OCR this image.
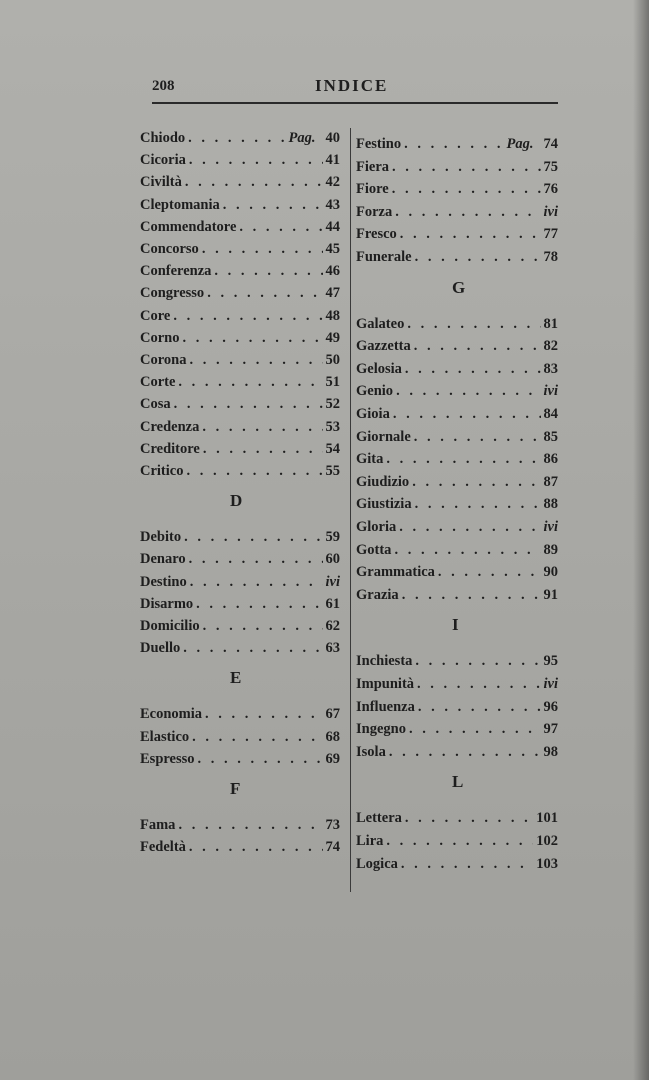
208	INDICE
Chiodo . . .	Pag. 40
Cicoria . . .	41
Civiltà . . .	42
Cleptomania . . .	43
Commendatore . . .	44
Concorso . . .	45
Conferenza . . .	46
Congresso . . .	47
Core . . .	48
Corno . . .	49
Corona . . .	50
Corte . . .	51
Cosa . . .	52
Credenza . . .	53
Creditore . . .	54
Critico . . .	55
D
Debito . . .	59
Denaro . . .	60
Destino . . .	ivi
Disarmo . . .	61
Domicilio . . .	62
Duello . . .	63
E
Economia . . .	67
Elastico . . .	68
Espresso . . .	69
F
Fama . . .	73
Fedeltà . . .	74
Festino . . .	Pag. 74
Fiera . . .	75
Fiore . . .	76
Forza . . .	ivi
Fresco . . .	77
Funerale . . .	78
G
Galateo . . .	81
Gazzetta . . .	82
Gelosia . . .	83
Genio . . .	ivi
Gioia . . .	84
Giornale . . .	85
Gita . . .	86
Giudizio . . .	87
Giustizia . . .	88
Gloria . . .	ivi
Gotta . . .	89
Grammatica . . .	90
Grazia . . .	91
I
Inchiesta . . .	95
Impunità . . .	ivi
Influenza . . .	96
Ingegno . . .	97
Isola . . .	98
L
Lettera . . .	101
Lira . . .	102
Logica . . .	103
